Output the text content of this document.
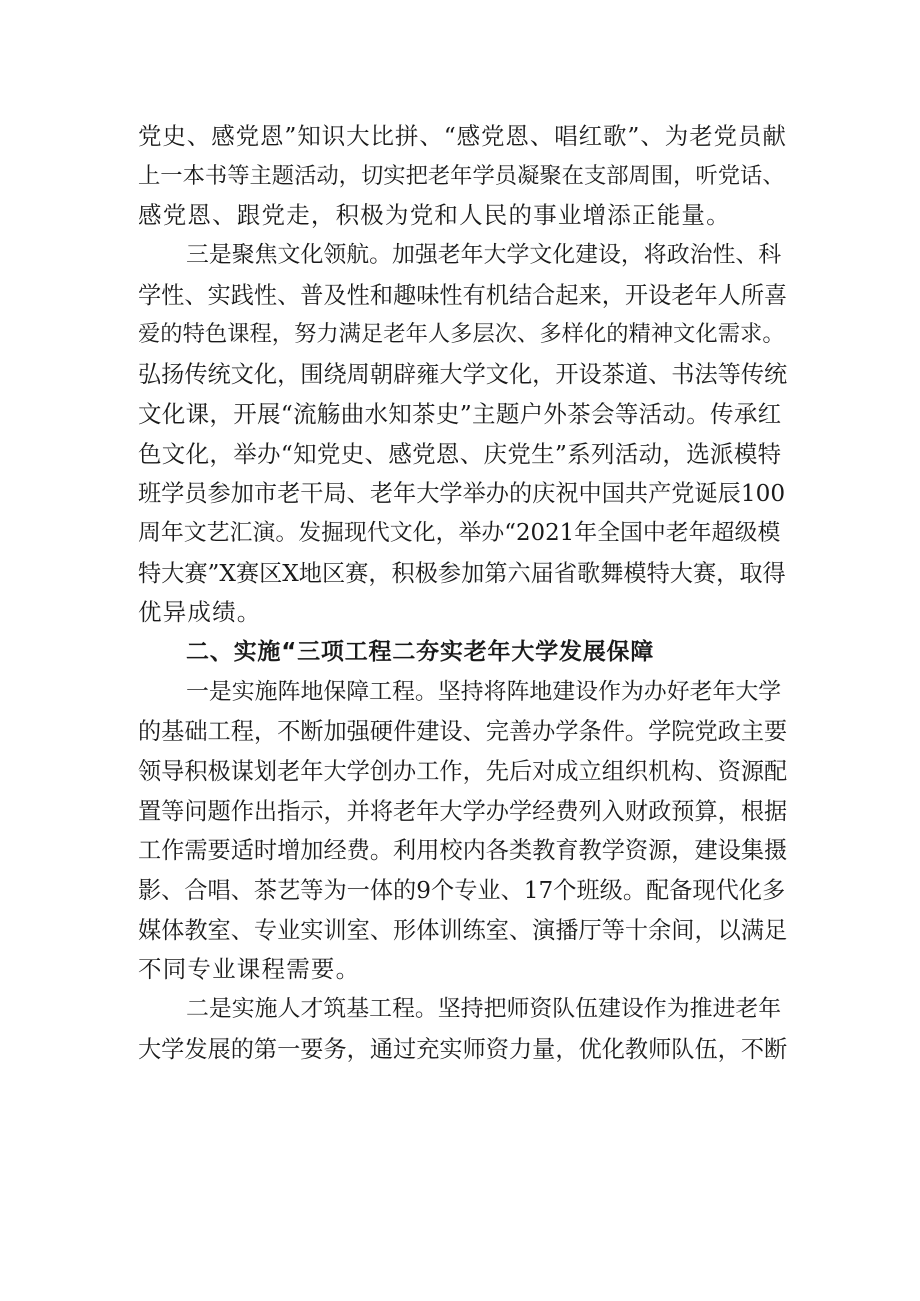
党史、感党恩”知识大比拼、“感党恩、唱红歌”、为老党员献
上一本书等主题活动，切实把老年学员凝聚在支部周围，听党话、
感党恩、跟党走，积极为党和人民的事业增添正能量。
三是聚焦文化领航。加强老年大学文化建设，将政治性、科
学性、实践性、普及性和趣味性有机结合起来，开设老年人所喜
爱的特色课程，努力满足老年人多层次、多样化的精神文化需求。
弘扬传统文化，围绕周朝辟雍大学文化，开设茶道、书法等传统
文化课，开展“流觞曲水知茶史”主题户外茶会等活动。传承红
色文化，举办“知党史、感党恩、庆党生”系列活动，选派模特
班学员参加市老干局、老年大学举办的庆祝中国共产党诞辰100
周年文艺汇演。发掘现代文化，举办“2021年全国中老年超级模
特大赛”X赛区X地区赛，积极参加第六届省歌舞模特大赛，取得
优异成绩。
二、实施“三项工程二夯实老年大学发展保障
一是实施阵地保障工程。坚持将阵地建设作为办好老年大学
的基础工程，不断加强硬件建设、完善办学条件。学院党政主要
领导积极谋划老年大学创办工作，先后对成立组织机构、资源配
置等问题作出指示，并将老年大学办学经费列入财政预算，根据
工作需要适时增加经费。利用校内各类教育教学资源，建设集摄
影、合唱、茶艺等为一体的9个专业、17个班级。配备现代化多
媒体教室、专业实训室、形体训练室、演播厅等十余间，以满足
不同专业课程需要。
二是实施人才筑基工程。坚持把师资队伍建设作为推进老年
大学发展的第一要务，通过充实师资力量，优化教师队伍，不断
